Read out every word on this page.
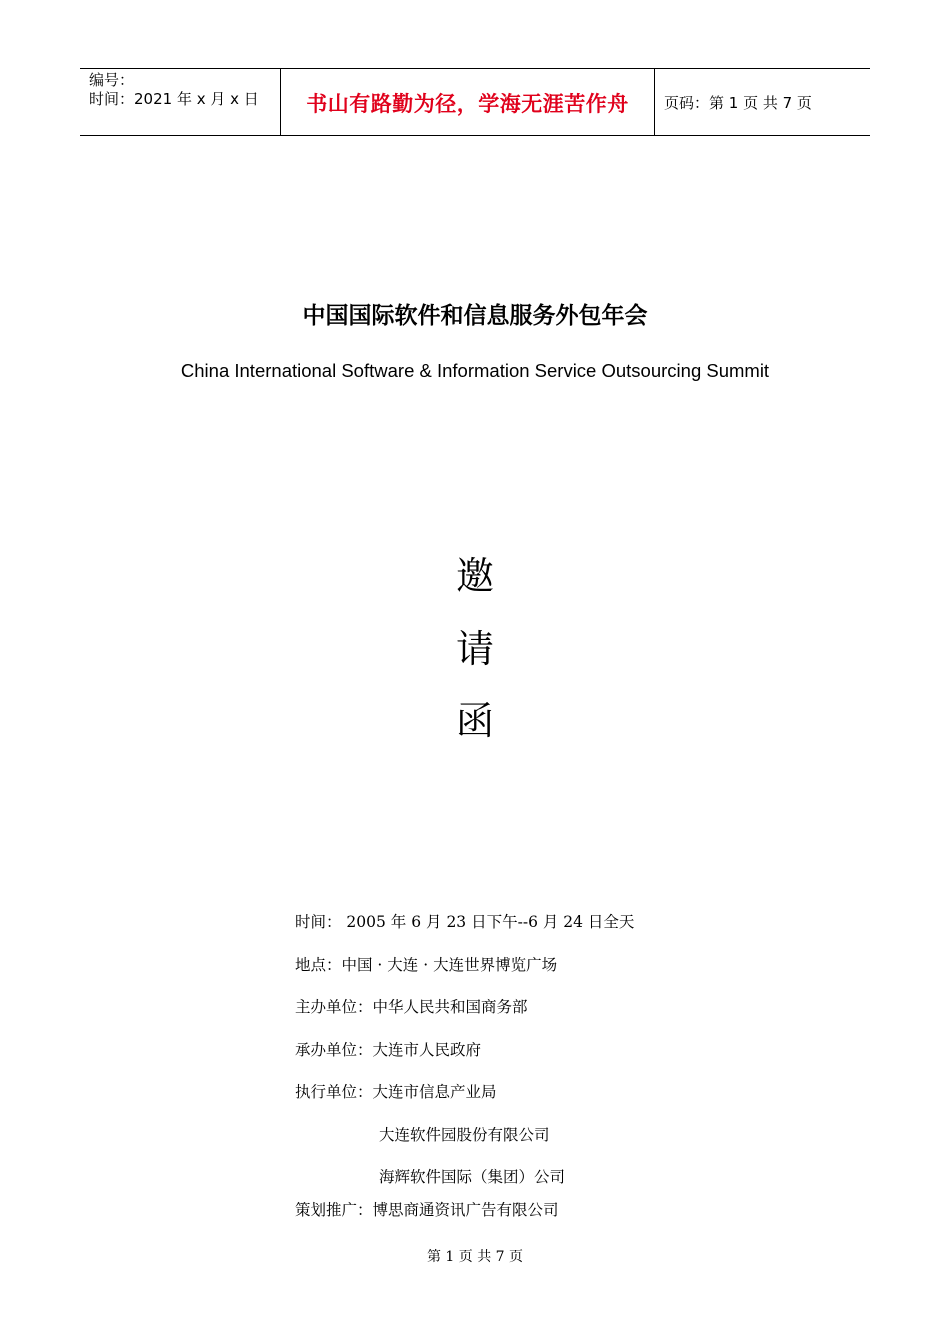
编号：
时间：2021 年 x 月 x 日	书山有路勤为径，学海无涯苦作舟 页码：第 1 页 共 7 页
中国国际软件和信息服务外包年会
China International Software & Information Service Outsourcing Summit
邀
请
函
时间： 2005 年 6 月 23 日下午--6 月 24 日全天
地点：中国 · 大连 · 大连世界博览广场
主办单位：中华人民共和国商务部
承办单位：大连市人民政府
执行单位：大连市信息产业局
大连软件园股份有限公司
海辉软件国际（集团）公司
策划推广：博思商通资讯广告有限公司
第 1 页 共 7 页
